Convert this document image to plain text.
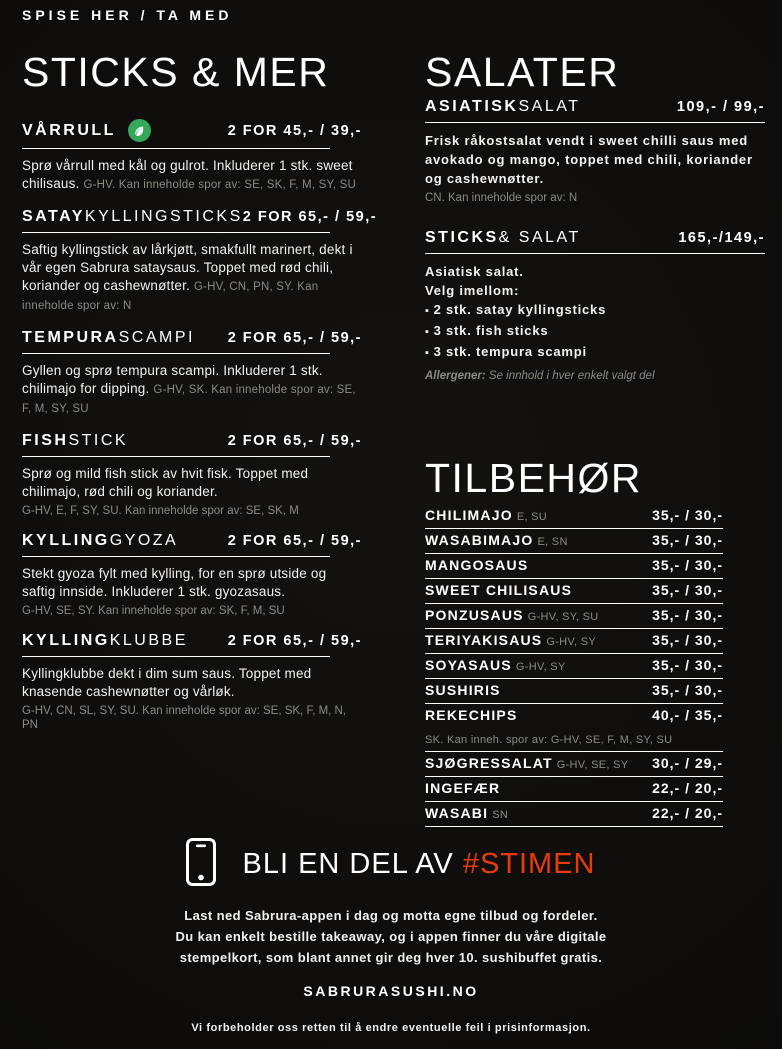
SPISE HER / TA MED
STICKS & MER
VÅRRULL	2 FOR 45,- / 39,-

Sprø vårrull med kål og gulrot. Inkluderer 1 stk. sweet chilisaus. G-HV. Kan inneholde spor av: SE, SK, F, M, SY, SU

SATAY KYLLINGSTICKS 2 FOR 65,- / 59,-

Saftig kyllingstick av lårkjøtt, smakfullt marinert, dekt i vår egen Sabrura sataysaus. Toppet med rød chili, koriander og cashewnøtter. G-HV, CN, PN, SY. Kan inneholde spor av: N

TEMPURA SCAMPI 2 FOR 65,- / 59,-

Gyllen og sprø tempura scampi. Inkluderer 1 stk. chilimajo for dipping. G-HV, SK. Kan inneholde spor av: SE, F, M, SY, SU

FISH STICK	2 FOR 65,- / 59,-

Sprø og mild fish stick av hvit fisk. Toppet med chilimajo, rød chili og koriander.

G-HV, E, F, SY, SU. Kan inneholde spor av: SE, SK, M

KYLLING GYOZA	2 FOR 65,- / 59,-

Stekt gyoza fylt med kylling, for en sprø utside og saftig innside. Inkluderer 1 stk. gyozasaus.

G-HV, SE, SY. Kan inneholde spor av: SK, F, M, SU

KYLLING KLUBBE	2 FOR 65,- / 59,-

Kyllingklubbe dekt i dim sum saus. Toppet med knasende cashewnøtter og vårløk.

G-HV, CN, SL, SY, SU. Kan inneholde spor av: SE, SK, F, M, N, PN

SALATER
ASIATISK SALAT	109,- / 99,-

Frisk råkostsalat vendt i sweet chilli saus med avokado og mango, toppet med chili, koriander og cashewnøtter.

CN. Kan inneholde spor av: N

STICKS & SALAT	165,-/149,-

Asiatisk salat.

Velg imellom:

▪ 2 stk. satay kyllingsticks
▪ 3 stk. fish sticks
▪ 3 stk. tempura scampi

Allergener: Se innhold i hver enkelt valgt del

TILBEHØR
CHILIMAJO E, SU	35,- / 30,-
WASABIMAJO E, SN	35,- / 30,-
MANGOSAUS	35,- / 30,-
SWEET CHILISAUS	35,- / 30,-
PONZUSAUS G-HV, SY, SU	35,- / 30,-
TERIYAKISAUS G-HV, SY	35,- / 30,-
SOYASAUS G-HV, SY	35,- / 30,-
SUSHIRIS	35,- / 30,-
REKECHIPS	40,- / 35,-
SK. Kan inneh. spor av: G-HV, SE, F, M, SY, SU
SJØGRESSALAT G-HV, SE, SY 30,- / 29,-
INGEFÆR	22,- / 20,-
WASABI SN	22,- / 20,-
BLI EN DEL AV #STIMEN
Last ned Sabrura-appen i dag og motta egne tilbud og fordeler.
Du kan enkelt bestille takeaway, og i appen finner du våre digitale
stempelkort, som blant annet gir deg hver 10. sushibuffet gratis.
SABRURASUSHI.NO
Vi forbeholder oss retten til å endre eventuelle feil i prisinformasjon.
